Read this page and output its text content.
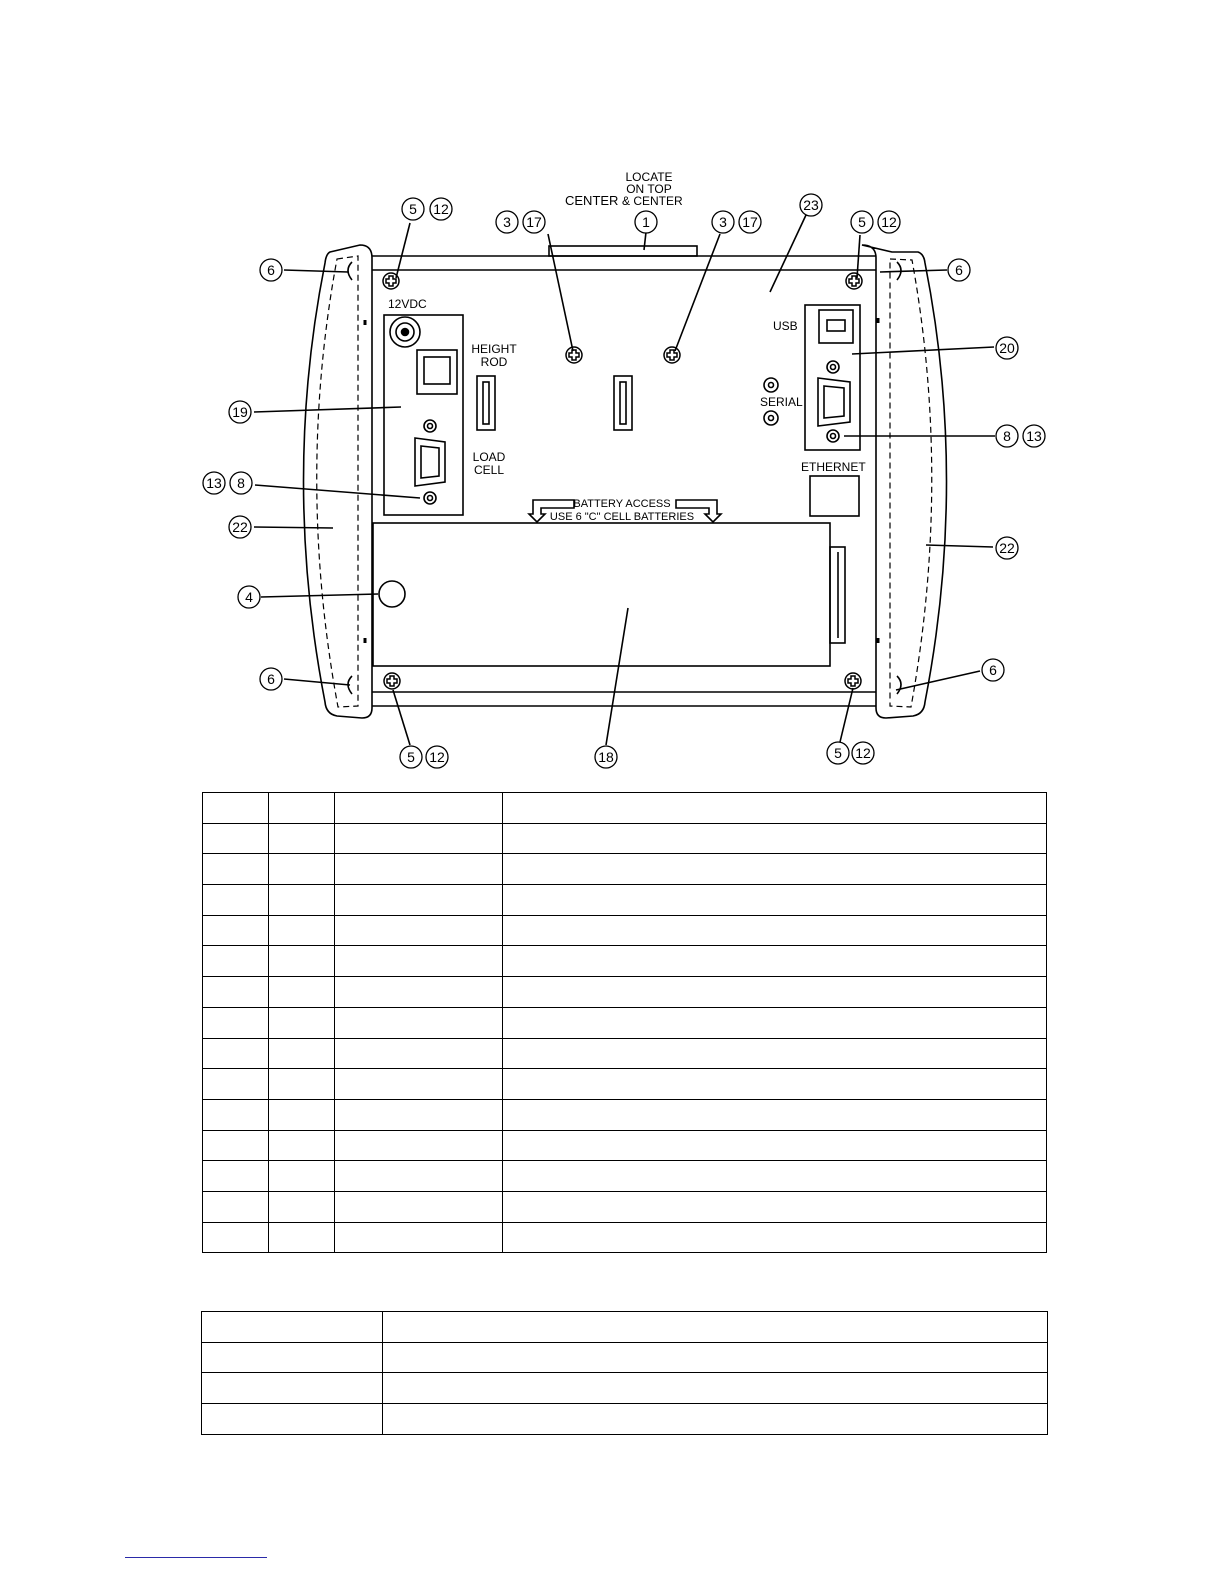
LOCATE
ON TOP
CENTER & CENTER
12VDC
HEIGHT
ROD
LOAD
CELL
USB
SERIAL
ETHERNET
BATTERY ACCESS
USE 6 "C" CELL BATTERIES
1
5 12
3 17	3 17
23
5 12
6	6
20
19
8 13
13 8
22
22
4
6
6
5 12	18	5 12
